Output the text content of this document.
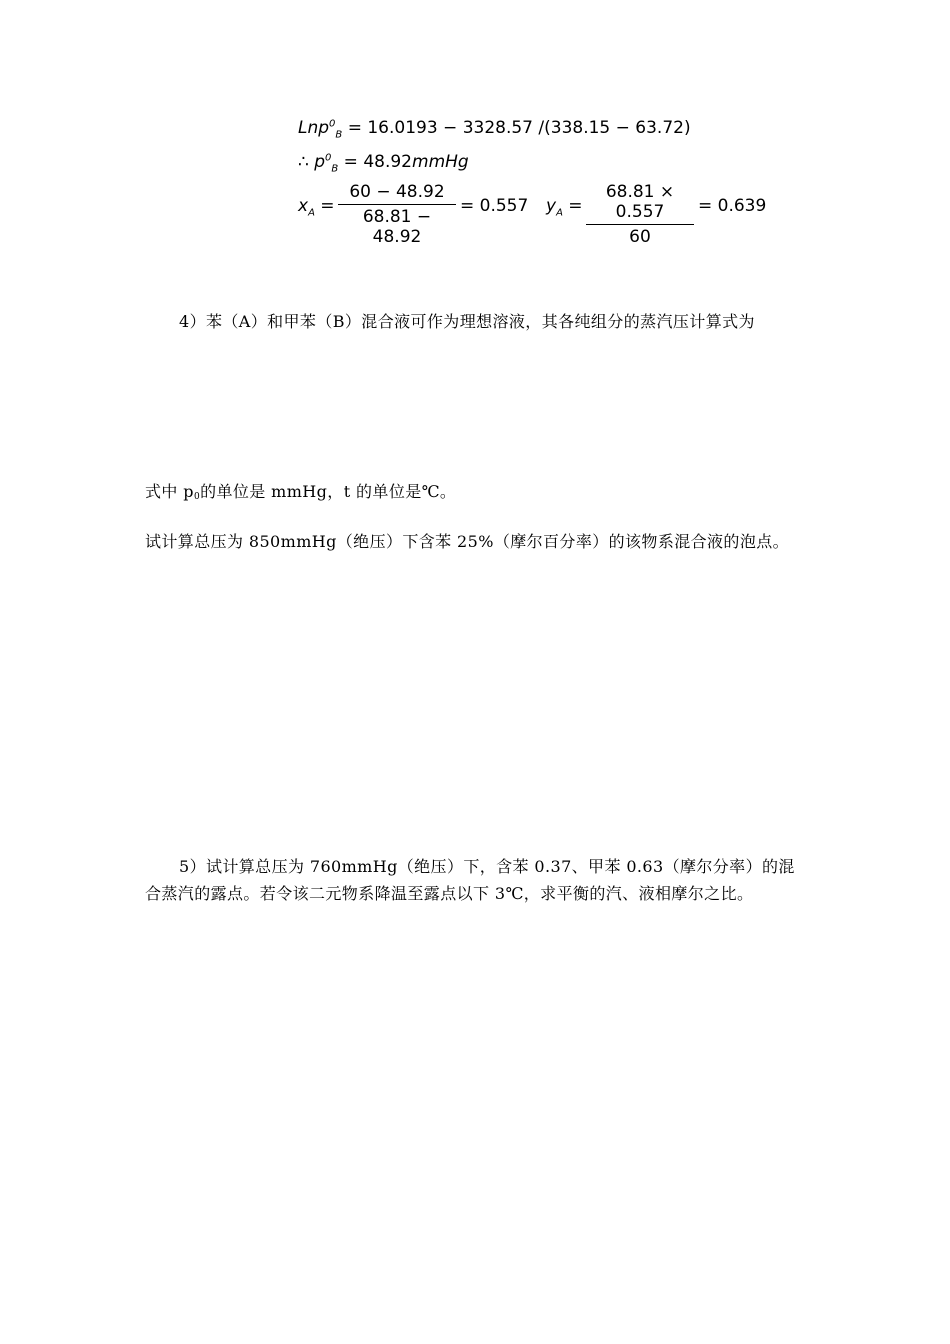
Lnp$^0_B$ = 16.0193 − 3328.57 /(338.15 − 63.72)
∴ $p^0_B$ = 48.92mmHg
$x_A = \frac{60 - 48.92}{68.81 - 48.92} = 0.557$ $y_A = \frac{68.81 \times 0.557}{60} = 0.639$
4）苯（A）和甲苯（B）混合液可作为理想溶液，其各纯组分的蒸汽压计算式为
式中 p0的单位是 mmHg，t 的单位是℃。
试计算总压为 850mmHg（绝压）下含苯 25%（摩尔百分率）的该物系混合液的泡点。
5）试计算总压为 760mmHg（绝压）下，含苯 0.37、甲苯 0.63（摩尔分率）的混合蒸汽的露点。若令该二元物系降温至露点以下 3℃，求平衡的汽、液相摩尔之比。
